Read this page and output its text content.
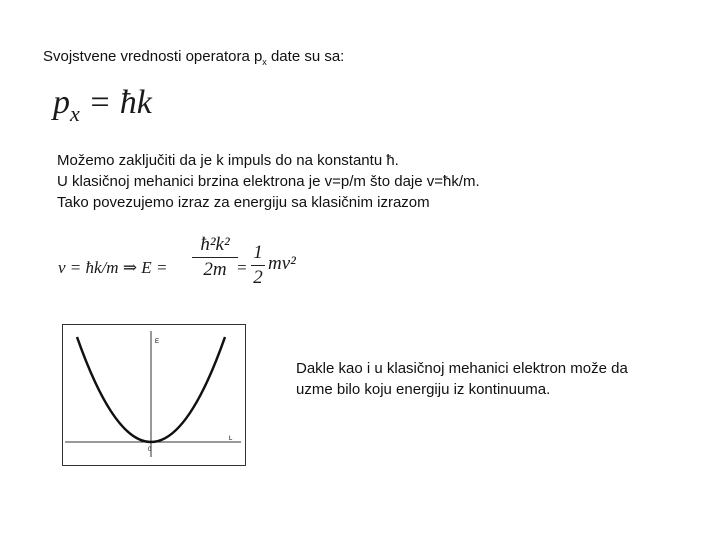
Svojstvene vrednosti operatora $p_x$ date su sa:
$p_x$ = ħk
Možemo zaključiti da je k impuls do na konstantu ħ.
U klasičnoj mehanici brzina elektrona je v=p/m što daje v=ħk/m.
Tako povezujemo izraz za energiju sa klasičnim izrazom
v = ħk/m ⇒ E =
ħ²k²
2m =
1
2
mv²
E
L
0
Dakle kao i u klasičnoj mehanici elektron može da
uzme bilo koju energiju iz kontinuuma.
